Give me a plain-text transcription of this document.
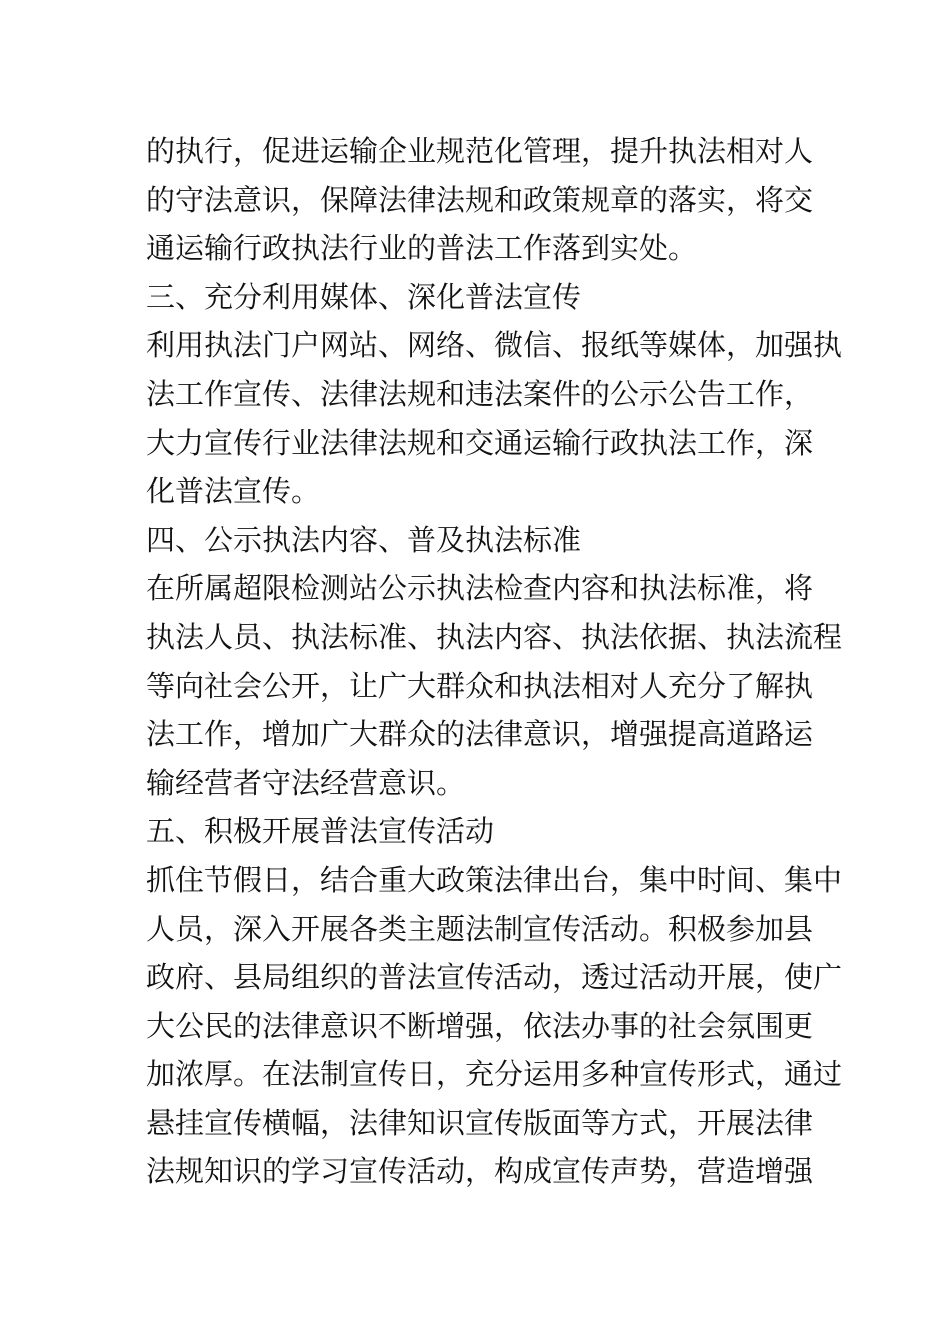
的执行，促进运输企业规范化管理，提升执法相对人
的守法意识，保障法律法规和政策规章的落实，将交
通运输行政执法行业的普法工作落到实处。
三、充分利用媒体、深化普法宣传
利用执法门户网站、网络、微信、报纸等媒体，加强执
法工作宣传、法律法规和违法案件的公示公告工作，
大力宣传行业法律法规和交通运输行政执法工作，深
化普法宣传。
四、公示执法内容、普及执法标准
在所属超限检测站公示执法检查内容和执法标准，将
执法人员、执法标准、执法内容、执法依据、执法流程
等向社会公开，让广大群众和执法相对人充分了解执
法工作，增加广大群众的法律意识，增强提高道路运
输经营者守法经营意识。
五、积极开展普法宣传活动
抓住节假日，结合重大政策法律出台，集中时间、集中
人员，深入开展各类主题法制宣传活动。积极参加县
政府、县局组织的普法宣传活动，透过活动开展，使广
大公民的法律意识不断增强，依法办事的社会氛围更
加浓厚。在法制宣传日，充分运用多种宣传形式，通过
悬挂宣传横幅，法律知识宣传版面等方式，开展法律
法规知识的学习宣传活动，构成宣传声势，营造增强
